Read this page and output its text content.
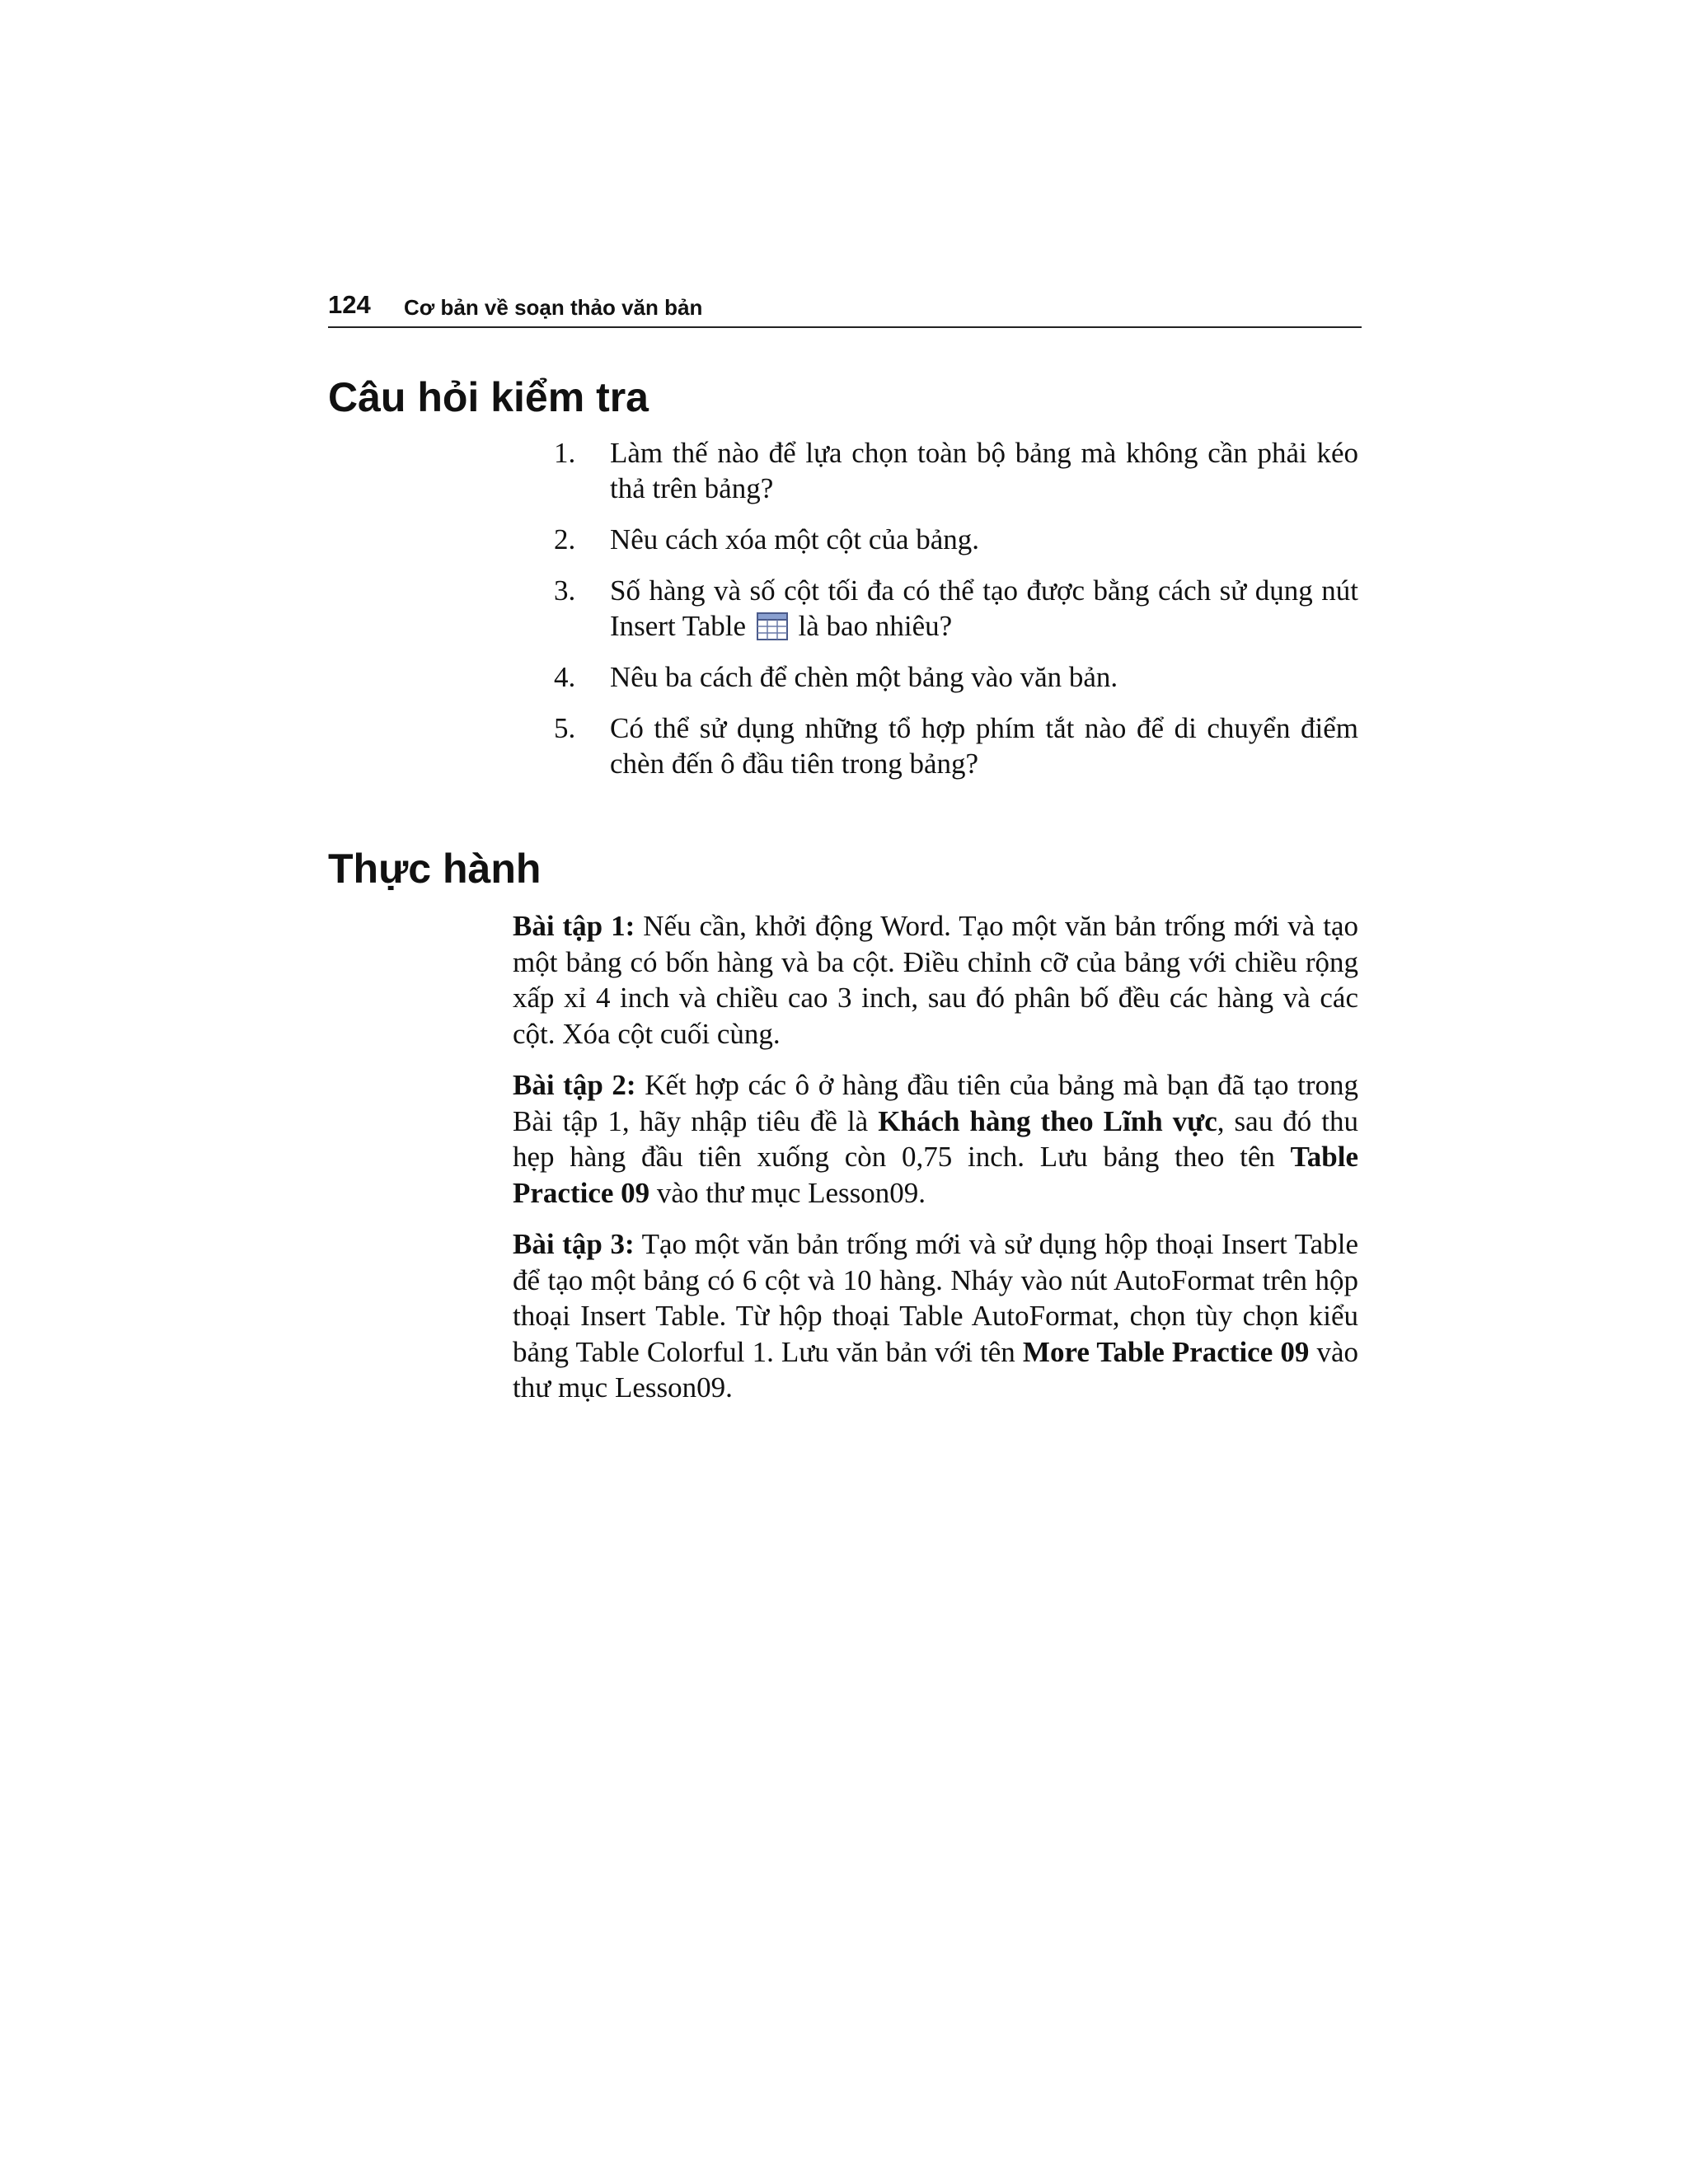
124 Cơ bản về soạn thảo văn bản
Câu hỏi kiểm tra
1. Làm thế nào để lựa chọn toàn bộ bảng mà không cần phải kéo thả trên bảng?
2. Nêu cách xóa một cột của bảng.
3. Số hàng và số cột tối đa có thể tạo được bằng cách sử dụng nút Insert Table là bao nhiêu?
4. Nêu ba cách để chèn một bảng vào văn bản.
5. Có thể sử dụng những tổ hợp phím tắt nào để di chuyển điểm chèn đến ô đầu tiên trong bảng?
Thực hành

Bài tập 1: Nếu cần, khởi động Word. Tạo một văn bản trống mới và tạo một bảng có bốn hàng và ba cột. Điều chỉnh cỡ của bảng với chiều rộng xấp xỉ 4 inch và chiều cao 3 inch, sau đó phân bố đều các hàng và các cột. Xóa cột cuối cùng.

Bài tập 2: Kết hợp các ô ở hàng đầu tiên của bảng mà bạn đã tạo trong Bài tập 1, hãy nhập tiêu đề là Khách hàng theo Lĩnh vực, sau đó thu hẹp hàng đầu tiên xuống còn 0,75 inch. Lưu bảng theo tên Table Practice 09 vào thư mục Lesson09.

Bài tập 3: Tạo một văn bản trống mới và sử dụng hộp thoại Insert Table để tạo một bảng có 6 cột và 10 hàng. Nháy vào nút AutoFormat trên hộp thoại Insert Table. Từ hộp thoại Table AutoFormat, chọn tùy chọn kiểu bảng Table Colorful 1. Lưu văn bản với tên More Table Practice 09 vào thư mục Lesson09.
